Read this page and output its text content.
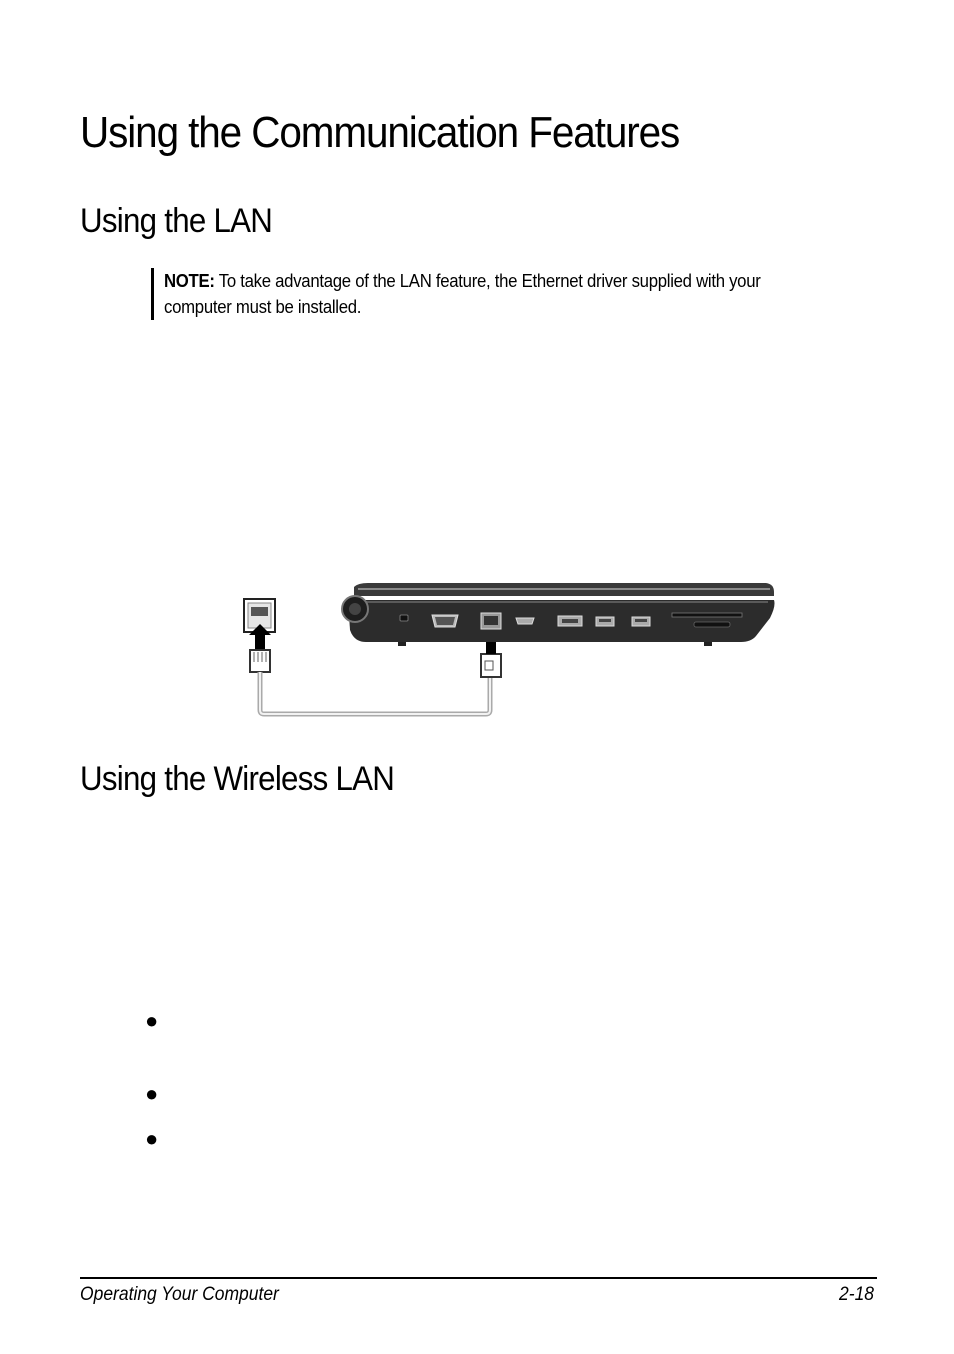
Using the Communication Features
Using the LAN
NOTE: To take advantage of the LAN feature, the Ethernet driver supplied with your
computer must be installed.
Using the Wireless LAN
●
●
●
Operating Your Computer	2-18
